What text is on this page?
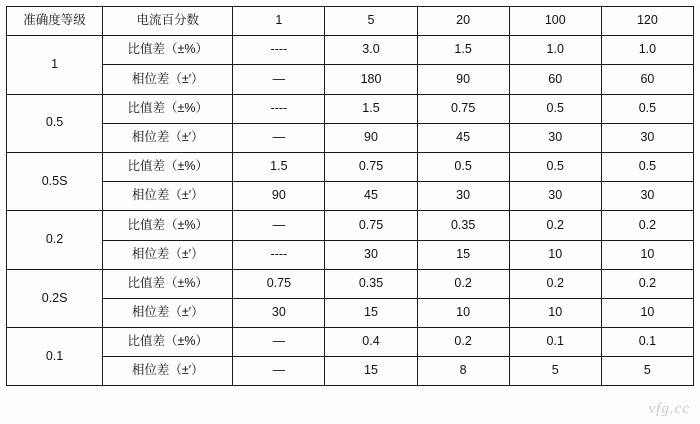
准确度等级	电流百分数	1	5	20	100	120
1	比值差（±%）	----	3.0	1.5	1.0	1.0
	相位差（±′）	—	180	90	60	60
0.5	比值差（±%）	----	1.5	0.75	0.5	0.5
	相位差（±′）	—	90	45	30	30
0.5S	比值差（±%）	1.5	0.75	0.5	0.5	0.5
	相位差（±′）	90	45	30	30	30
0.2	比值差（±%）	—	0.75	0.35	0.2	0.2
	相位差（±′）	----	30	15	10	10
0.2S	比值差（±%）	0.75	0.35	0.2	0.2	0.2
	相位差（±′）	30	15	10	10	10
0.1	比值差（±%）	—	0.4	0.2	0.1	0.1
	相位差（±′）	—	15	8	5	5
vfg.cc
